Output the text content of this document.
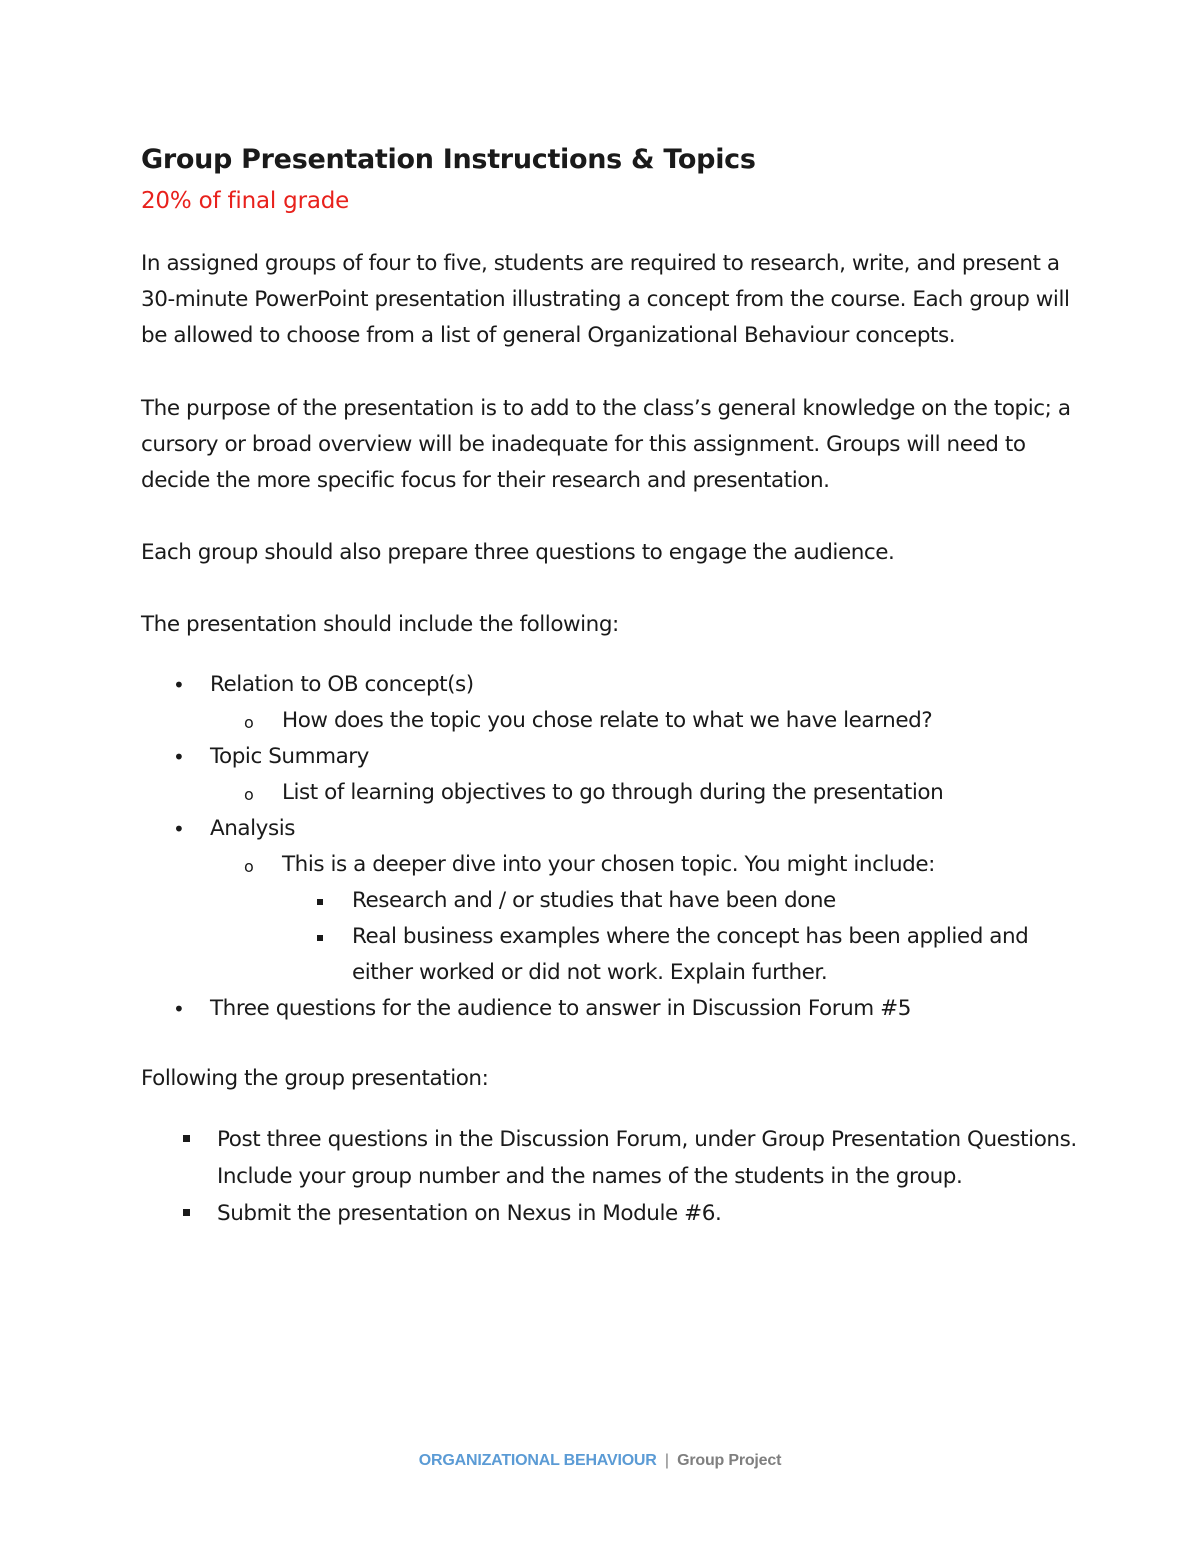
Group Presentation Instructions & Topics

20% of final grade

In assigned groups of four to five, students are required to research, write, and present a 30-minute PowerPoint presentation illustrating a concept from the course. Each group will be allowed to choose from a list of general Organizational Behaviour concepts.

The purpose of the presentation is to add to the class’s general knowledge on the topic; a cursory or broad overview will be inadequate for this assignment. Groups will need to decide the more specific focus for their research and presentation.

Each group should also prepare three questions to engage the audience.

The presentation should include the following:

• Relation to OB concept(s)
o How does the topic you chose relate to what we have learned?
• Topic Summary
o List of learning objectives to go through during the presentation
• Analysis
o This is a deeper dive into your chosen topic. You might include:
Research and / or studies that have been done
Real business examples where the concept has been applied and either worked or did not work. Explain further.
• Three questions for the audience to answer in Discussion Forum #5

Following the group presentation:

Post three questions in the Discussion Forum, under Group Presentation Questions. Include your group number and the names of the students in the group.
Submit the presentation on Nexus in Module #6.
ORGANIZATIONAL BEHAVIOUR | Group Project
